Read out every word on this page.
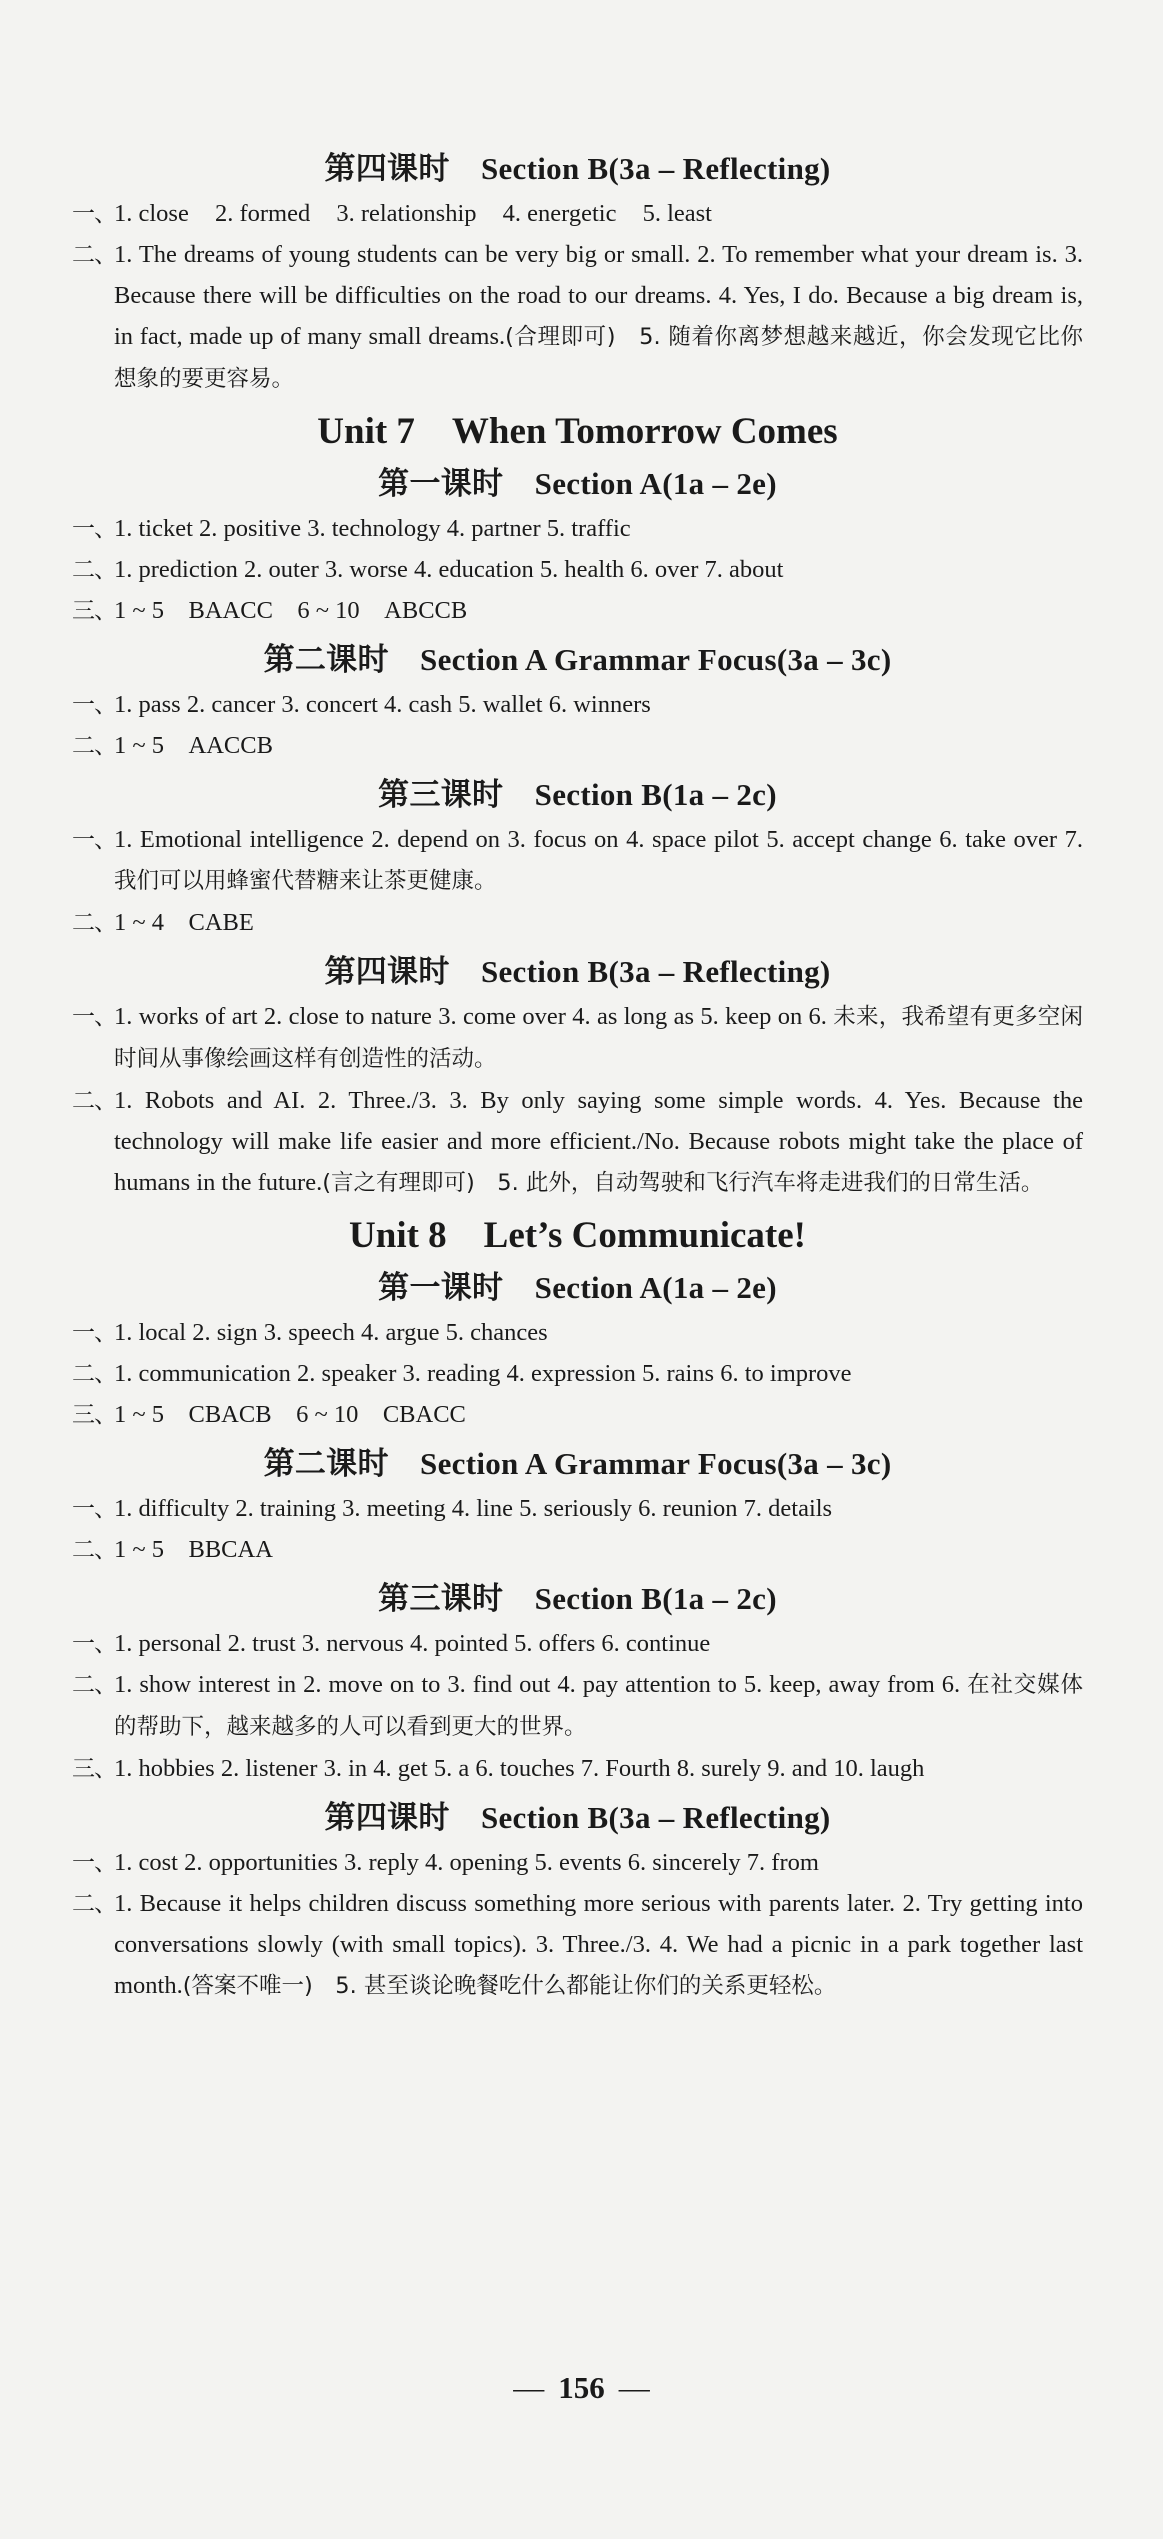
第四课时　Section B(3a – Reflecting)
一、
1. close 2. formed 3. relationship 4. energetic 5. least
二、
1. The dreams of young students can be very big or small. 2. To remember what your dream is. 3. Because there will be difficulties on the road to our dreams. 4. Yes, I do. Because a big dream is, in fact, made up of many small dreams.(合理即可)　5. 随着你离梦想越来越近，你会发现它比你想象的要更容易。
Unit 7　When Tomorrow Comes
第一课时　Section A(1a – 2e)
一、
1. ticket 2. positive 3. technology 4. partner 5. traffic
二、
1. prediction 2. outer 3. worse 4. education 5. health 6. over 7. about
三、
1 ~ 5　BAACC　6 ~ 10　ABCCB
第二课时　Section A Grammar Focus(3a – 3c)
一、
1. pass 2. cancer 3. concert 4. cash 5. wallet 6. winners
二、
1 ~ 5　AACCB
第三课时　Section B(1a – 2c)
一、
1. Emotional intelligence 2. depend on 3. focus on 4. space pilot 5. accept change 6. take over 7. 我们可以用蜂蜜代替糖来让茶更健康。
二、
1 ~ 4　CABE
第四课时　Section B(3a – Reflecting)
一、
1. works of art 2. close to nature 3. come over 4. as long as 5. keep on 6. 未来，我希望有更多空闲时间从事像绘画这样有创造性的活动。
二、
1. Robots and AI. 2. Three./3. 3. By only saying some simple words. 4. Yes. Because the technology will make life easier and more efficient./No. Because robots might take the place of humans in the future.(言之有理即可)　5. 此外，自动驾驶和飞行汽车将走进我们的日常生活。
Unit 8　Let’s Communicate!
第一课时　Section A(1a – 2e)
一、
1. local 2. sign 3. speech 4. argue 5. chances
二、
1. communication 2. speaker 3. reading 4. expression 5. rains 6. to improve
三、
1 ~ 5　CBACB　6 ~ 10　CBACC
第二课时　Section A Grammar Focus(3a – 3c)
一、
1. difficulty 2. training 3. meeting 4. line 5. seriously 6. reunion 7. details
二、
1 ~ 5　BBCAA
第三课时　Section B(1a – 2c)
一、
1. personal 2. trust 3. nervous 4. pointed 5. offers 6. continue
二、
1. show interest in 2. move on to 3. find out 4. pay attention to 5. keep, away from 6. 在社交媒体的帮助下，越来越多的人可以看到更大的世界。
三、
1. hobbies 2. listener 3. in 4. get 5. a 6. touches 7. Fourth 8. surely 9. and 10. laugh
第四课时　Section B(3a – Reflecting)
一、
1. cost 2. opportunities 3. reply 4. opening 5. events 6. sincerely 7. from
二、
1. Because it helps children discuss something more serious with parents later. 2. Try getting into conversations slowly (with small topics). 3. Three./3. 4. We had a picnic in a park together last month.(答案不唯一)　5. 甚至谈论晚餐吃什么都能让你们的关系更轻松。
— 156 —
